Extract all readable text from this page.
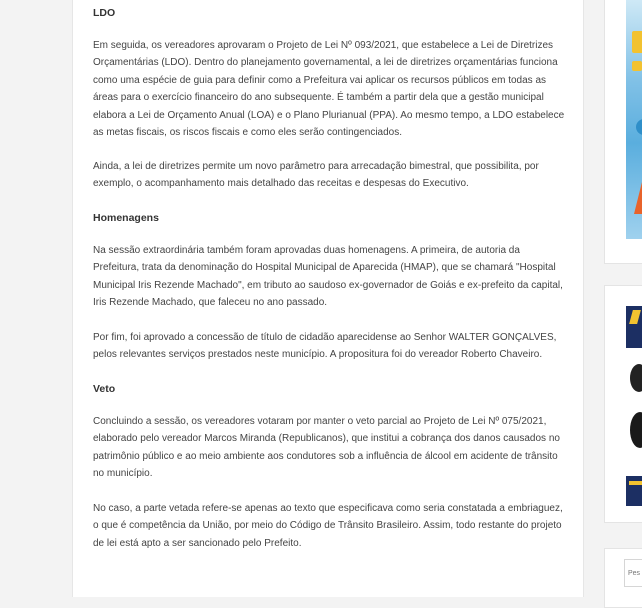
LDO

Em seguida, os vereadores aprovaram o Projeto de Lei Nº 093/2021, que estabelece a Lei de Diretrizes Orçamentárias (LDO). Dentro do planejamento governamental, a lei de diretrizes orçamentárias funciona como uma espécie de guia para definir como a Prefeitura vai aplicar os recursos públicos em todas as áreas para o exercício financeiro do ano subsequente. É também a partir dela que a gestão municipal elabora a Lei de Orçamento Anual (LOA) e o Plano Plurianual (PPA). Ao mesmo tempo, a LDO estabelece as metas fiscais, os riscos fiscais e como eles serão contingenciados.

Ainda, a lei de diretrizes permite um novo parâmetro para arrecadação bimestral, que possibilita, por exemplo, o acompanhamento mais detalhado das receitas e despesas do Executivo.

Homenagens

Na sessão extraordinária também foram aprovadas duas homenagens. A primeira, de autoria da Prefeitura, trata da denominação do Hospital Municipal de Aparecida (HMAP), que se chamará "Hospital Municipal Iris Rezende Machado", em tributo ao saudoso ex-governador de Goiás e ex-prefeito da capital, Iris Rezende Machado, que faleceu no ano passado.

Por fim, foi aprovado a concessão de título de cidadão aparecidense ao Senhor WALTER GONÇALVES, pelos relevantes serviços prestados neste município. A propositura foi do vereador Roberto Chaveiro.

Veto

Concluindo a sessão, os vereadores votaram por manter o veto parcial ao Projeto de Lei Nº 075/2021, elaborado pelo vereador Marcos Miranda (Republicanos), que institui a cobrança dos danos causados no patrimônio público e ao meio ambiente aos condutores sob a influência de álcool em acidente de trânsito no município.

No caso, a parte vetada refere-se apenas ao texto que especificava como seria constatada a embriaguez, o que é competência da União, por meio do Código de Trânsito Brasileiro. Assim, todo restante do projeto de lei está apto a ser sancionado pelo Prefeito.

Pes
